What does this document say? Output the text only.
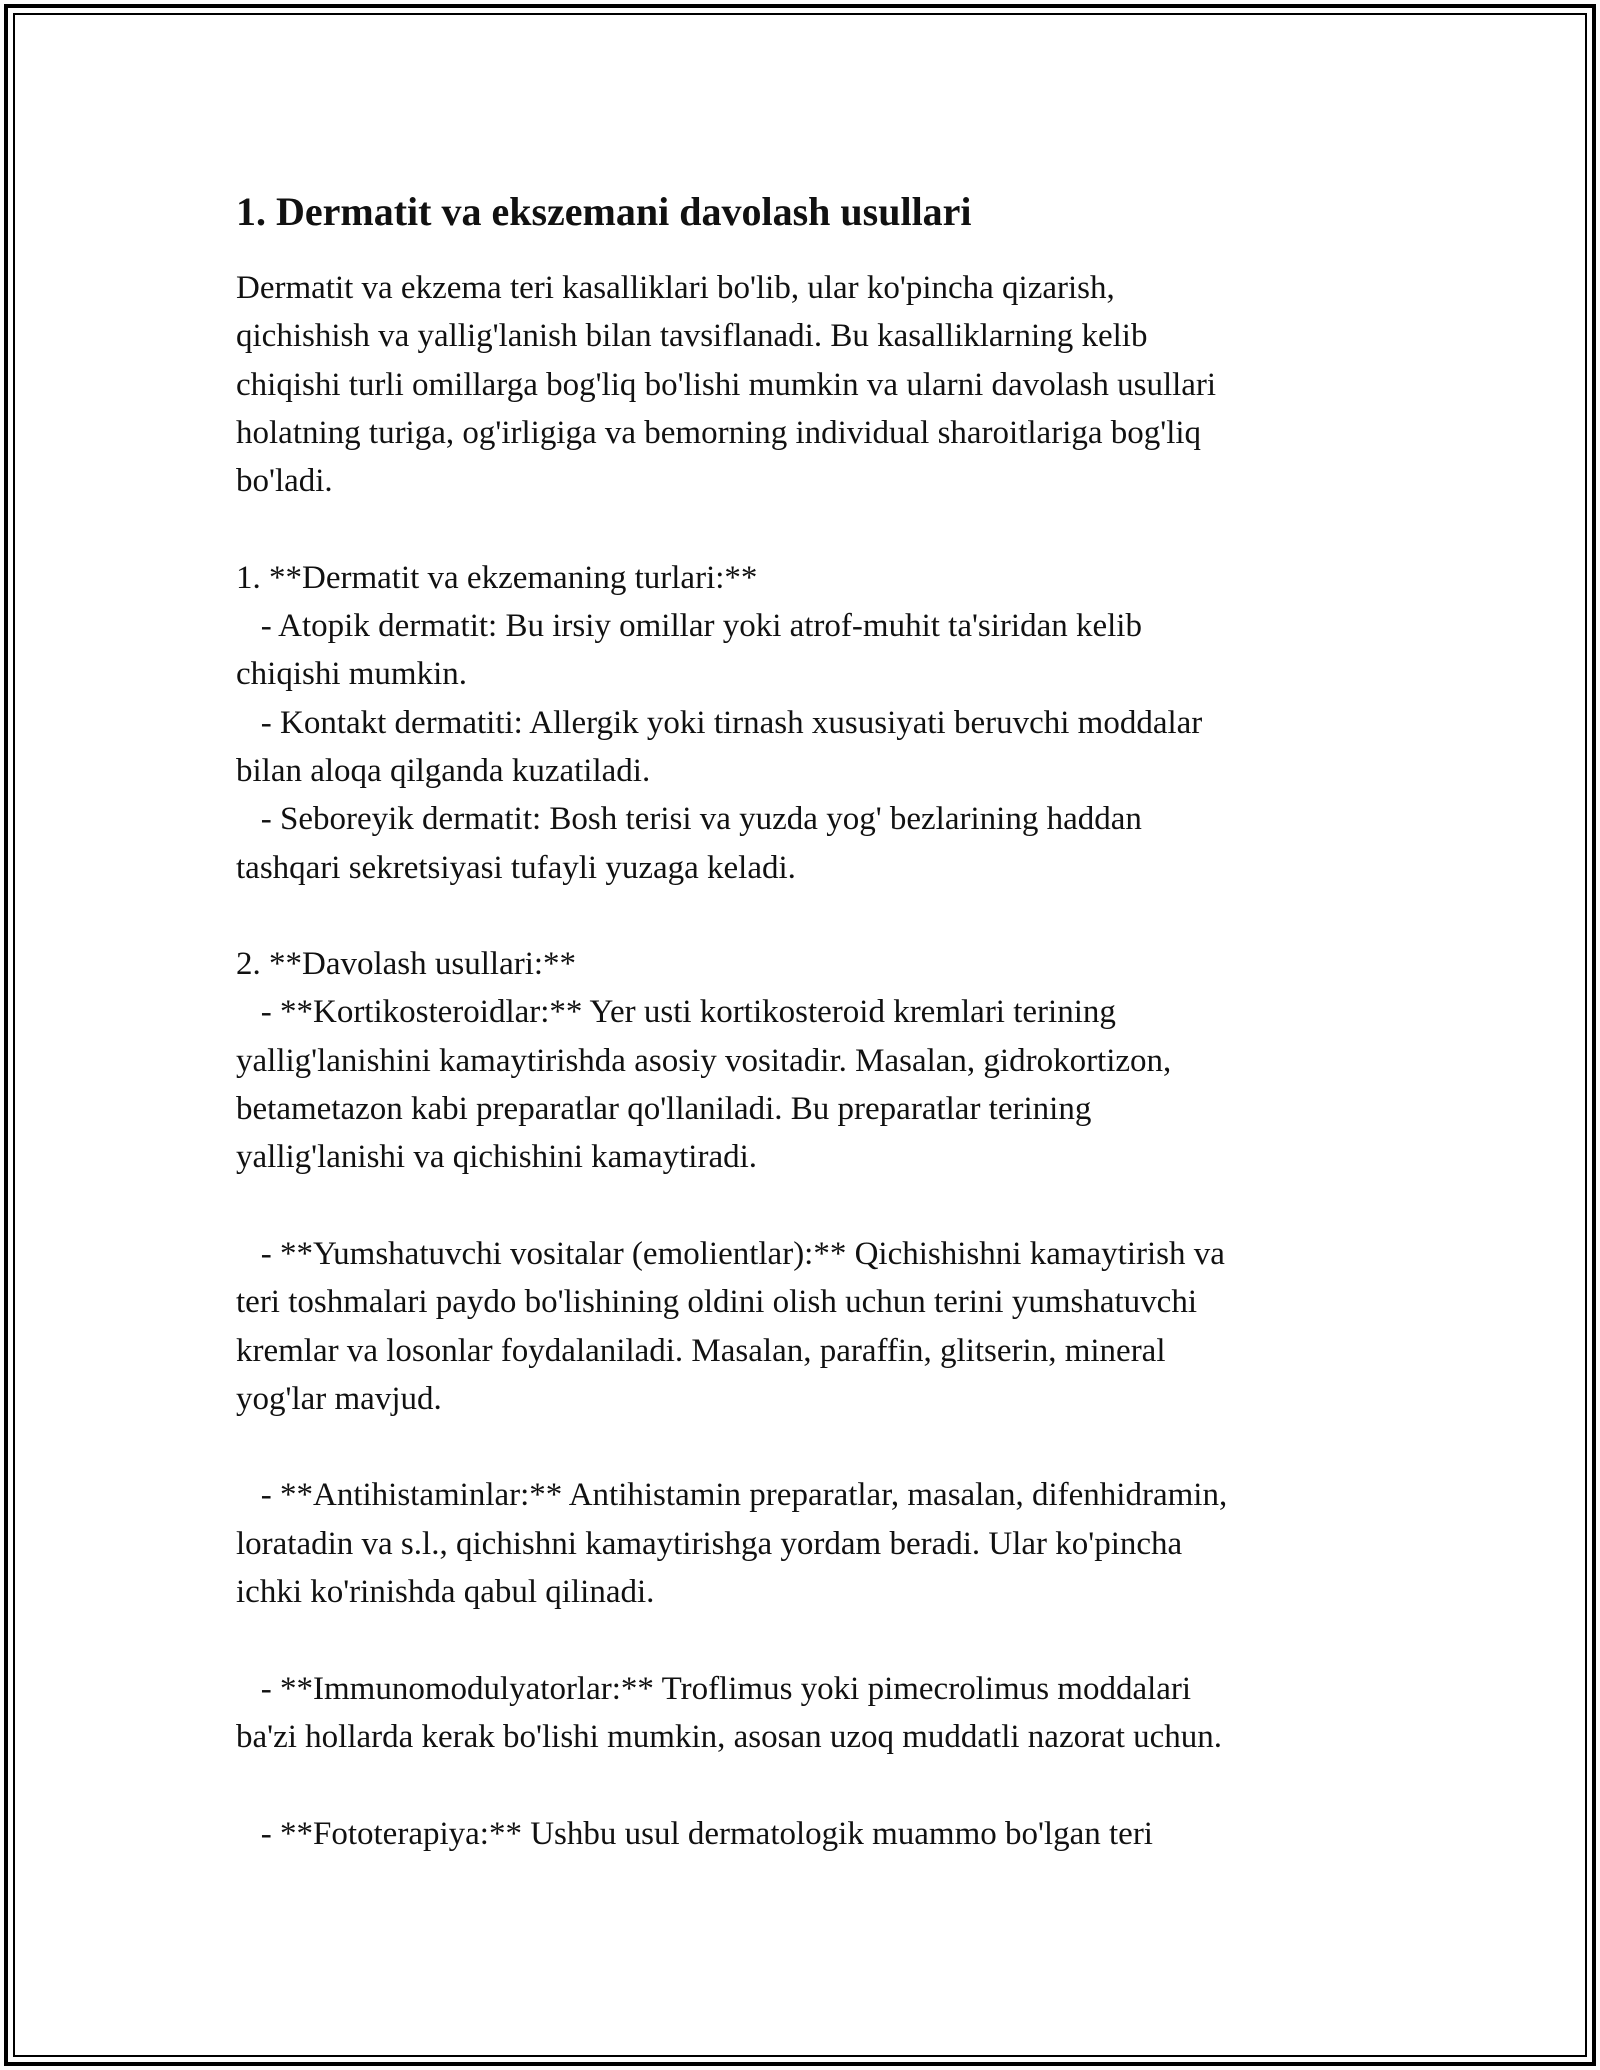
1. Dermatit va ekszemani davolash usullari

Dermatit va ekzema teri kasalliklari bo'lib, ular ko'pincha qizarish,
qichishish va yallig'lanish bilan tavsiflanadi. Bu kasalliklarning kelib
chiqishi turli omillarga bog'liq bo'lishi mumkin va ularni davolash usullari
holatning turiga, og'irligiga va bemorning individual sharoitlariga bog'liq
bo'ladi.

1. **Dermatit va ekzemaning turlari:**
- Atopik dermatit: Bu irsiy omillar yoki atrof-muhit ta'siridan kelib
chiqishi mumkin.
- Kontakt dermatiti: Allergik yoki tirnash xususiyati beruvchi moddalar
bilan aloqa qilganda kuzatiladi.
- Seboreyik dermatit: Bosh terisi va yuzda yog' bezlarining haddan
tashqari sekretsiyasi tufayli yuzaga keladi.

2. **Davolash usullari:**
- **Kortikosteroidlar:** Yer usti kortikosteroid kremlari terining
yallig'lanishini kamaytirishda asosiy vositadir. Masalan, gidrokortizon,
betametazon kabi preparatlar qo'llaniladi. Bu preparatlar terining
yallig'lanishi va qichishini kamaytiradi.

- **Yumshatuvchi vositalar (emolientlar):** Qichishishni kamaytirish va
teri toshmalari paydo bo'lishining oldini olish uchun terini yumshatuvchi
kremlar va losonlar foydalaniladi. Masalan, paraffin, glitserin, mineral
yog'lar mavjud.

- **Antihistaminlar:** Antihistamin preparatlar, masalan, difenhidramin,
loratadin va s.l., qichishni kamaytirishga yordam beradi. Ular ko'pincha
ichki ko'rinishda qabul qilinadi.

- **Immunomodulyatorlar:** Troflimus yoki pimecrolimus moddalari
ba'zi hollarda kerak bo'lishi mumkin, asosan uzoq muddatli nazorat uchun.

- **Fototerapiya:** Ushbu usul dermatologik muammo bo'lgan teri
